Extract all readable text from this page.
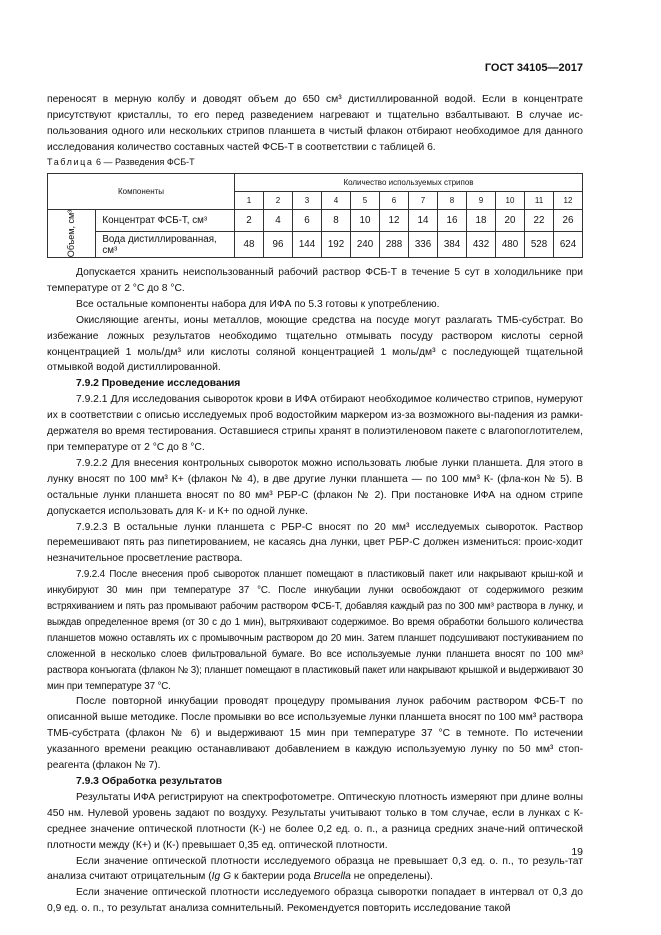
ГОСТ 34105—2017

переносят в мерную колбу и доводят объем до 650 см³ дистиллированной водой. Если в концентрате присутствуют кристаллы, то его перед разведением нагревают и тщательно взбалтывают. В случае ис-пользования одного или нескольких стрипов планшета в чистый флакон отбирают необходимое для данного исследования количество составных частей ФСБ-Т в соответствии с таблицей 6.

Таблица 6 — Разведения ФСБ-Т
Компоненты		Количество используемых стрипов											
		1	2	3	4	5	6	7	8	9	10	11	12
Объем, см³	Концентрат ФСБ-Т, см³	2	4	6	8	10	12	14	16	18	20	22	26
	Вода дистиллированная, см³	48	96	144	192	240	288	336	384	432	480	528	624

Допускается хранить неиспользованный рабочий раствор ФСБ-Т в течение 5 сут в холодильнике при температуре от 2 °С до 8 °С.

Все остальные компоненты набора для ИФА по 5.3 готовы к употреблению.

Окисляющие агенты, ионы металлов, моющие средства на посуде могут разлагать ТМБ-субстрат. Во избежание ложных результатов необходимо тщательно отмывать посуду раствором кислоты серной концентрацией 1 моль/дм³ или кислоты соляной концентрацией 1 моль/дм³ с последующей тщательной отмывкой водой дистиллированной.

7.9.2 Проведение исследования

7.9.2.1 Для исследования сывороток крови в ИФА отбирают необходимое количество стрипов, нумеруют их в соответствии с описью исследуемых проб водостойким маркером из-за возможного вы-падения из рамки-держателя во время тестирования. Оставшиеся стрипы хранят в полиэтиленовом пакете с влагопоглотителем, при температуре от 2 °С до 8 °С.

7.9.2.2 Для внесения контрольных сывороток можно использовать любые лунки планшета. Для этого в лунку вносят по 100 мм³ К+ (флакон № 4), в две другие лунки планшета — по 100 мм³ К- (фла-кон № 5). В остальные лунки планшета вносят по 80 мм³ РБР-С (флакон № 2). При постановке ИФА на одном стрипе допускается использовать для К- и К+ по одной лунке.

7.9.2.3 В остальные лунки планшета с РБР-С вносят по 20 мм³ исследуемых сывороток. Раствор перемешивают пять раз пипетированием, не касаясь дна лунки, цвет РБР-С должен измениться: проис-ходит незначительное просветление раствора.

7.9.2.4 После внесения проб сывороток планшет помещают в пластиковый пакет или накрывают крыш-кой и инкубируют 30 мин при температуре 37 °С. После инкубации лунки освобождают от содержимого резким встряхиванием и пять раз промывают рабочим раствором ФСБ-Т, добавляя каждый раз по 300 мм³ раствора в лунку, и выждав определенное время (от 30 с до 1 мин), вытряхивают содержимое. Во время обработки большого количества планшетов можно оставлять их с промывочным раствором до 20 мин. Затем планшет подсушивают постукиванием по сложенной в несколько слоев фильтровальной бумаге. Во все используемые лунки планшета вносят по 100 мм³ раствора конъюгата (флакон № 3); планшет помещают в пластиковый пакет или накрывают крышкой и выдерживают 30 мин при температуре 37 °С.

После повторной инкубации проводят процедуру промывания лунок рабочим раствором ФСБ-Т по описанной выше методике. После промывки во все используемые лунки планшета вносят по 100 мм³ раствора ТМБ-субстрата (флакон № 6) и выдерживают 15 мин при температуре 37 °С в темноте. По истечении указанного времени реакцию останавливают добавлением в каждую используемую лунку по 50 мм³ стоп-реагента (флакон № 7).

7.9.3 Обработка результатов

Результаты ИФА регистрируют на спектрофотометре. Оптическую плотность измеряют при длине волны 450 нм. Нулевой уровень задают по воздуху. Результаты учитывают только в том случае, если в лунках с К- среднее значение оптической плотности (К-) не более 0,2 ед. о. п., а разница средних значе-ний оптической плотности между (К+) и (К-) превышает 0,35 ед. оптической плотности.

Если значение оптической плотности исследуемого образца не превышает 0,3 ед. о. п., то резуль-тат анализа считают отрицательным (Ig G к бактерии рода Brucella не определены).

Если значение оптической плотности исследуемого образца сыворотки попадает в интервал от 0,3 до 0,9 ед. о. п., то результат анализа сомнительный. Рекомендуется повторить исследование такой

19
